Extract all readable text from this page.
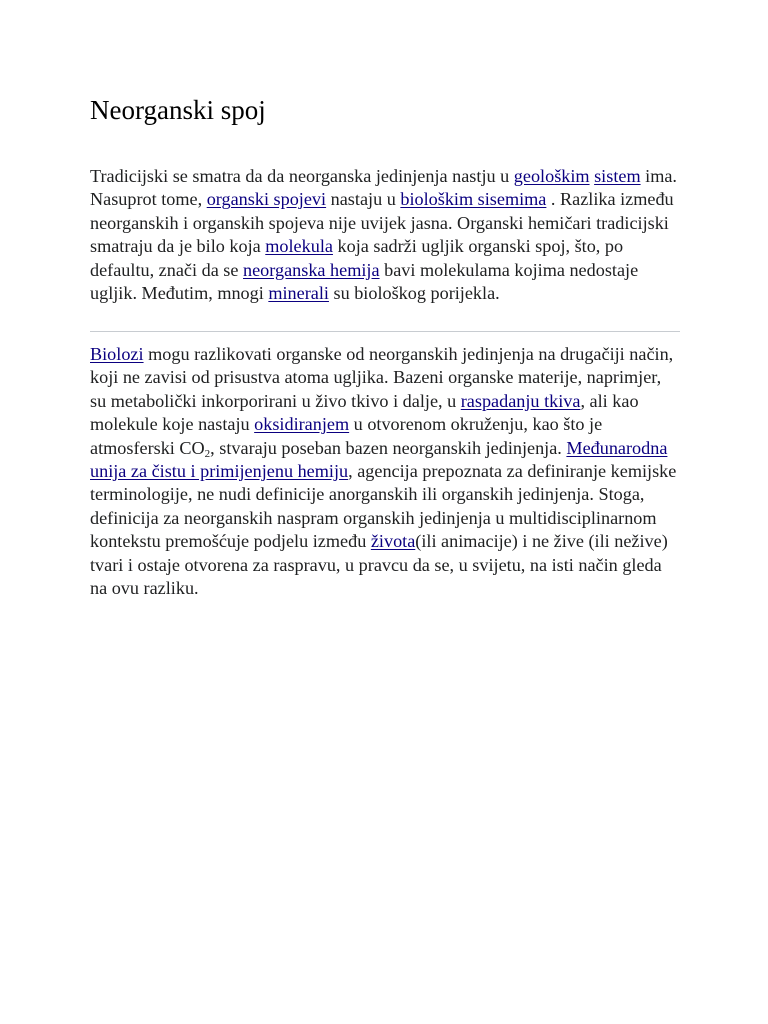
Neorganski spoj

Tradicijski se smatra da da neorganska jedinjenja nastju u geološkim sistem ima. Nasuprot tome, organski spojevi nastaju u biološkim sisemima . Razlika između neorganskih i organskih spojeva nije uvijek jasna. Organski hemičari tradicijski smatraju da je bilo koja molekula koja sadrži ugljik organski spoj, što, po defaultu, znači da se neorganska hemija bavi molekulama kojima nedostaje ugljik. Međutim, mnogi minerali su biološkog porijekla.

Biolozi mogu razlikovati organske od neorganskih jedinjenja na drugačiji način, koji ne zavisi od prisustva atoma ugljika. Bazeni organske materije, naprimjer, su metabolički inkorporirani u živo tkivo i dalje, u raspadanju tkiva, ali kao molekule koje nastaju oksidiranjem u otvorenom okruženju, kao što je atmosferski $CO_2$, stvaraju poseban bazen neorganskih jedinjenja. Međunarodna unija za čistu i primijenjenu hemiju, agencija prepoznata za definiranje kemijske terminologije, ne nudi definicije anorganskih ili organskih jedinjenja. Stoga, definicija za neorganskih naspram organskih jedinjenja u multidisciplinarnom kontekstu premošćuje podjelu između života(ili animacije) i ne žive (ili nežive) tvari i ostaje otvorena za raspravu, u pravcu da se, u svijetu, na isti način gleda na ovu razliku.
